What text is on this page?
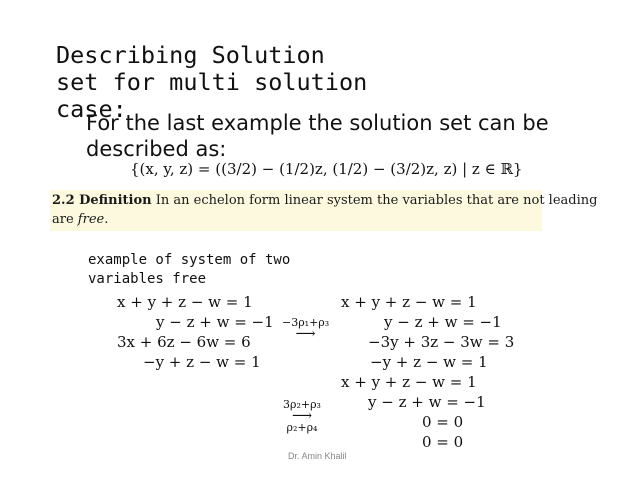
Describing Solution
set for multi solution
case:
For the last example the solution set can be
described as:
{(x, y, z) = ((3/2) − (1/2)z, (1/2) − (3/2)z, z) | z ∈ ℝ}
2.2 Definition In an echelon form linear system the variables that are not leading
are free.
example of system of two
variables free
x + y + z − w = 1
y − z + w = −1
3x + 6z − 6w = 6
−y + z − w = 1
−3ρ₁+ρ₃
⟶
x + y + z − w = 1
y − z + w = −1
−3y + 3z − 3w = 3
−y + z − w = 1
3ρ₂+ρ₃
⟶
ρ₂+ρ₄
x + y + z − w = 1
y − z + w = −1
0 = 0
0 = 0
Dr. Amin Khalil
